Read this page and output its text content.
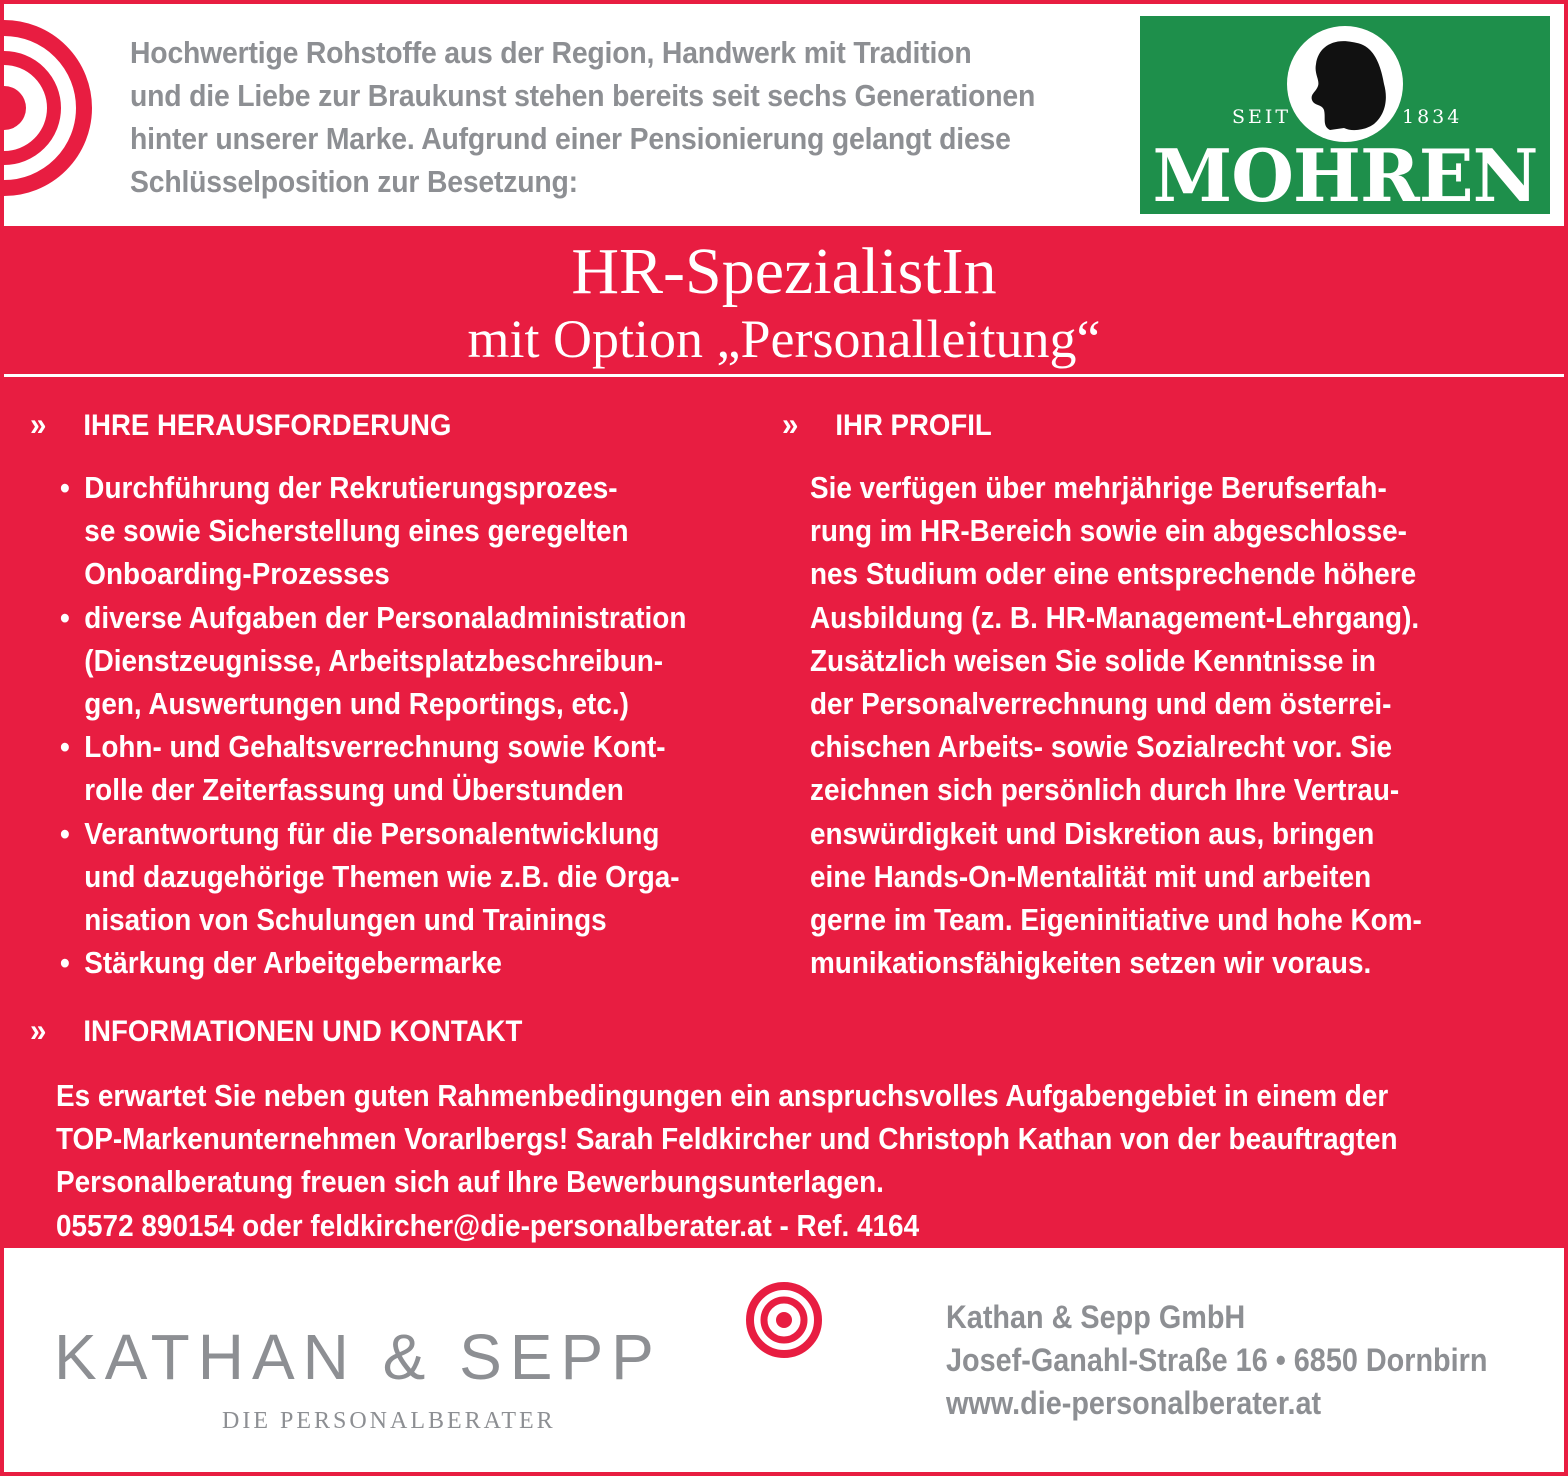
Hochwertige Rohstoffe aus der Region, Handwerk mit Tradition
und die Liebe zur Braukunst stehen bereits seit sechs Generationen
hinter unserer Marke. Aufgrund einer Pensionierung gelangt diese
Schlüsselposition zur Besetzung:

SEIT	1834
MOHREN
HR-SpezialistIn
mit Option „Personalleitung“
» IHRE HERAUSFORDERUNG
• Durchführung der Rekrutierungsprozes-
se sowie Sicherstellung eines geregelten
Onboarding-Prozesses
• diverse Aufgaben der Personaladministration
(Dienstzeugnisse, Arbeitsplatzbeschreibun-
gen, Auswertungen und Reportings, etc.)
• Lohn- und Gehaltsverrechnung sowie Kont-
rolle der Zeiterfassung und Überstunden
• Verantwortung für die Personalentwicklung
und dazugehörige Themen wie z.B. die Orga-
nisation von Schulungen und Trainings
• Stärkung der Arbeitgebermarke
» IHR PROFIL

Sie verfügen über mehrjährige Berufserfah-
rung im HR-Bereich sowie ein abgeschlosse-
nes Studium oder eine entsprechende höhere
Ausbildung (z. B. HR-Management-Lehrgang).
Zusätzlich weisen Sie solide Kenntnisse in
der Personalverrechnung und dem österrei-
chischen Arbeits- sowie Sozialrecht vor. Sie
zeichnen sich persönlich durch Ihre Vertrau-
enswürdigkeit und Diskretion aus, bringen
eine Hands-On-Mentalität mit und arbeiten
gerne im Team. Eigeninitiative und hohe Kom-
munikationsfähigkeiten setzen wir voraus.

» INFORMATIONEN UND KONTAKT

Es erwartet Sie neben guten Rahmenbedingungen ein anspruchsvolles Aufgabengebiet in einem der
TOP-Markenunternehmen Vorarlbergs! Sarah Feldkircher und Christoph Kathan von der beauftragten
Personalberatung freuen sich auf Ihre Bewerbungsunterlagen.
05572 890154 oder feldkircher@die-personalberater.at - Ref. 4164

KATHAN & SEPP
DIE PERSONALBERATER
Kathan & Sepp GmbH
Josef-Ganahl-Straße 16 • 6850 Dornbirn
www.die-personalberater.at
